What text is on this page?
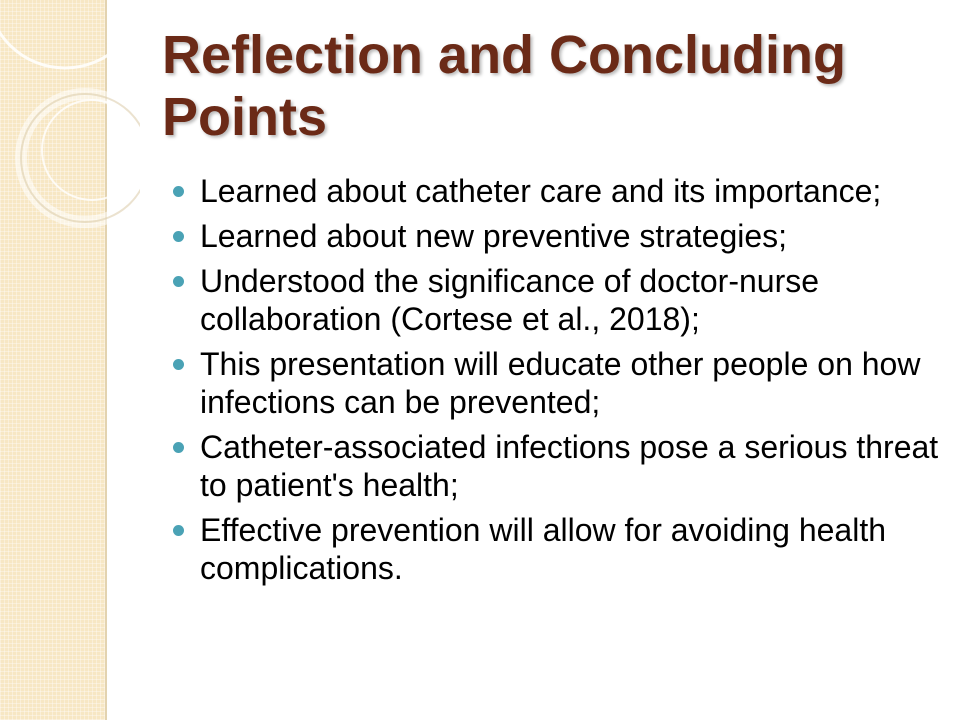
Reflection and Concluding Points
Learned about catheter care and its importance;
Learned about new preventive strategies;
Understood the significance of doctor-nurse collaboration (Cortese et al., 2018);
This presentation will educate other people on how infections can be prevented;
Catheter-associated infections pose a serious threat to patient's health;
Effective prevention will allow for avoiding health complications.
